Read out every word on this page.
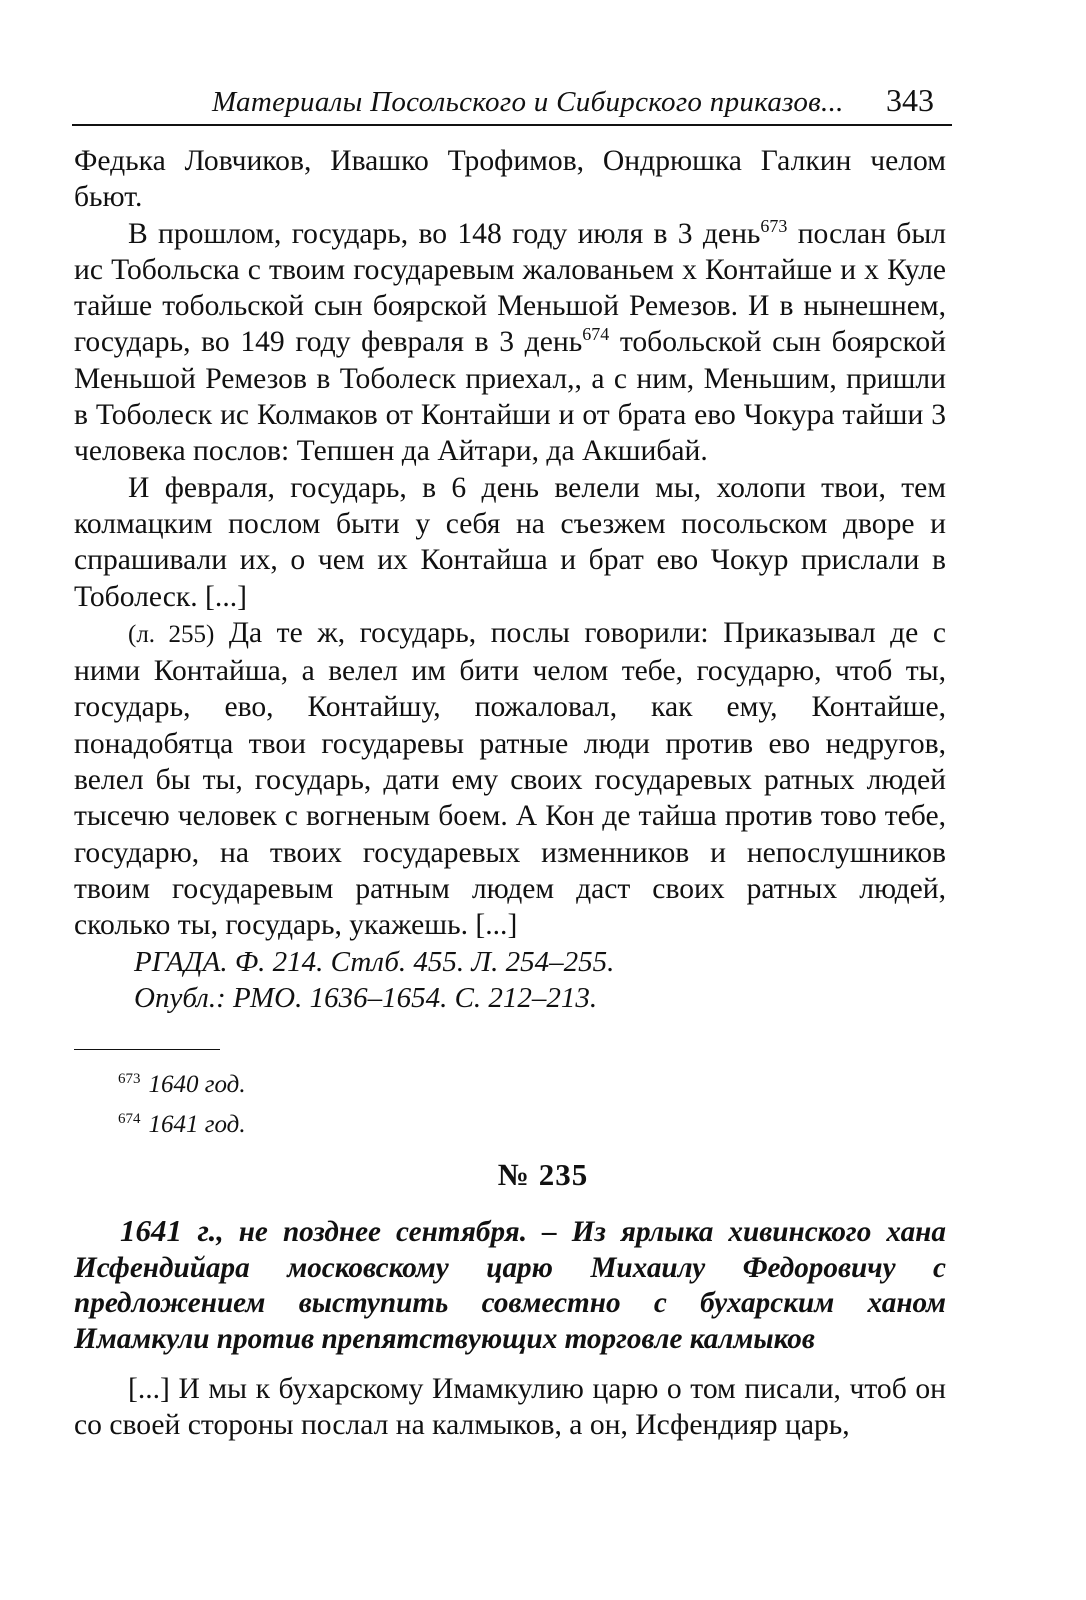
Материалы Посольского и Сибирского приказов... 343

Федька Ловчиков, Ивашко Трофимов, Ондрюшка Галкин челом бьют.

В прошлом, государь, во 148 году июля в 3 день$^{673}$ послан был ис Тобольска с твоим государевым жалованьем х Контайше и х Куле тайше тобольской сын боярской Меньшой Ремезов. И в нынешнем, государь, во 149 году февраля в 3 день$^{674}$ тобольской сын боярской Меньшой Ремезов в Тоболеск приехал,, а с ним, Меньшим, пришли в Тоболеск ис Колмаков от Контайши и от брата ево Чокура тайши 3 человека послов: Тепшен да Айтари, да Акшибай.

И февраля, государь, в 6 день велели мы, холопи твои, тем колмацким послом быти у себя на съезжем посольском дворе и спрашивали их, о чем их Контайша и брат ево Чокур прислали в Тоболеск. [...]

(л. 255) Да те ж, государь, послы говорили: Приказывал де с ними Контайша, а велел им бити челом тебе, государю, чтоб ты, государь, ево, Контайшу, пожаловал, как ему, Контайше, понадобятца твои государевы ратные люди против ево недругов, велел бы ты, государь, дати ему своих государевых ратных людей тысечю человек с вогненым боем. А Кон де тайша против тово тебе, государю, на твоих государевых изменников и непослушников твоим государевым ратным людем даст своих ратных людей, сколько ты, государь, укажешь. [...]

РГАДА. Ф. 214. Стлб. 455. Л. 254–255.
Опубл.: РМО. 1636–1654. С. 212–213.
$^{673}$ 1640 год.
$^{674}$ 1641 год.
№ 235
1641 г., не позднее сентября. – Из ярлыка хивинского хана Исфендийара московскому царю Михаилу Федоровичу с предложением выступить совместно с бухарским ханом Имамкули против препятствующих торговле калмыков

[...] И мы к бухарскому Имамкулию царю о том писали, чтоб он со своей стороны послал на калмыков, а он, Исфендияр царь,
